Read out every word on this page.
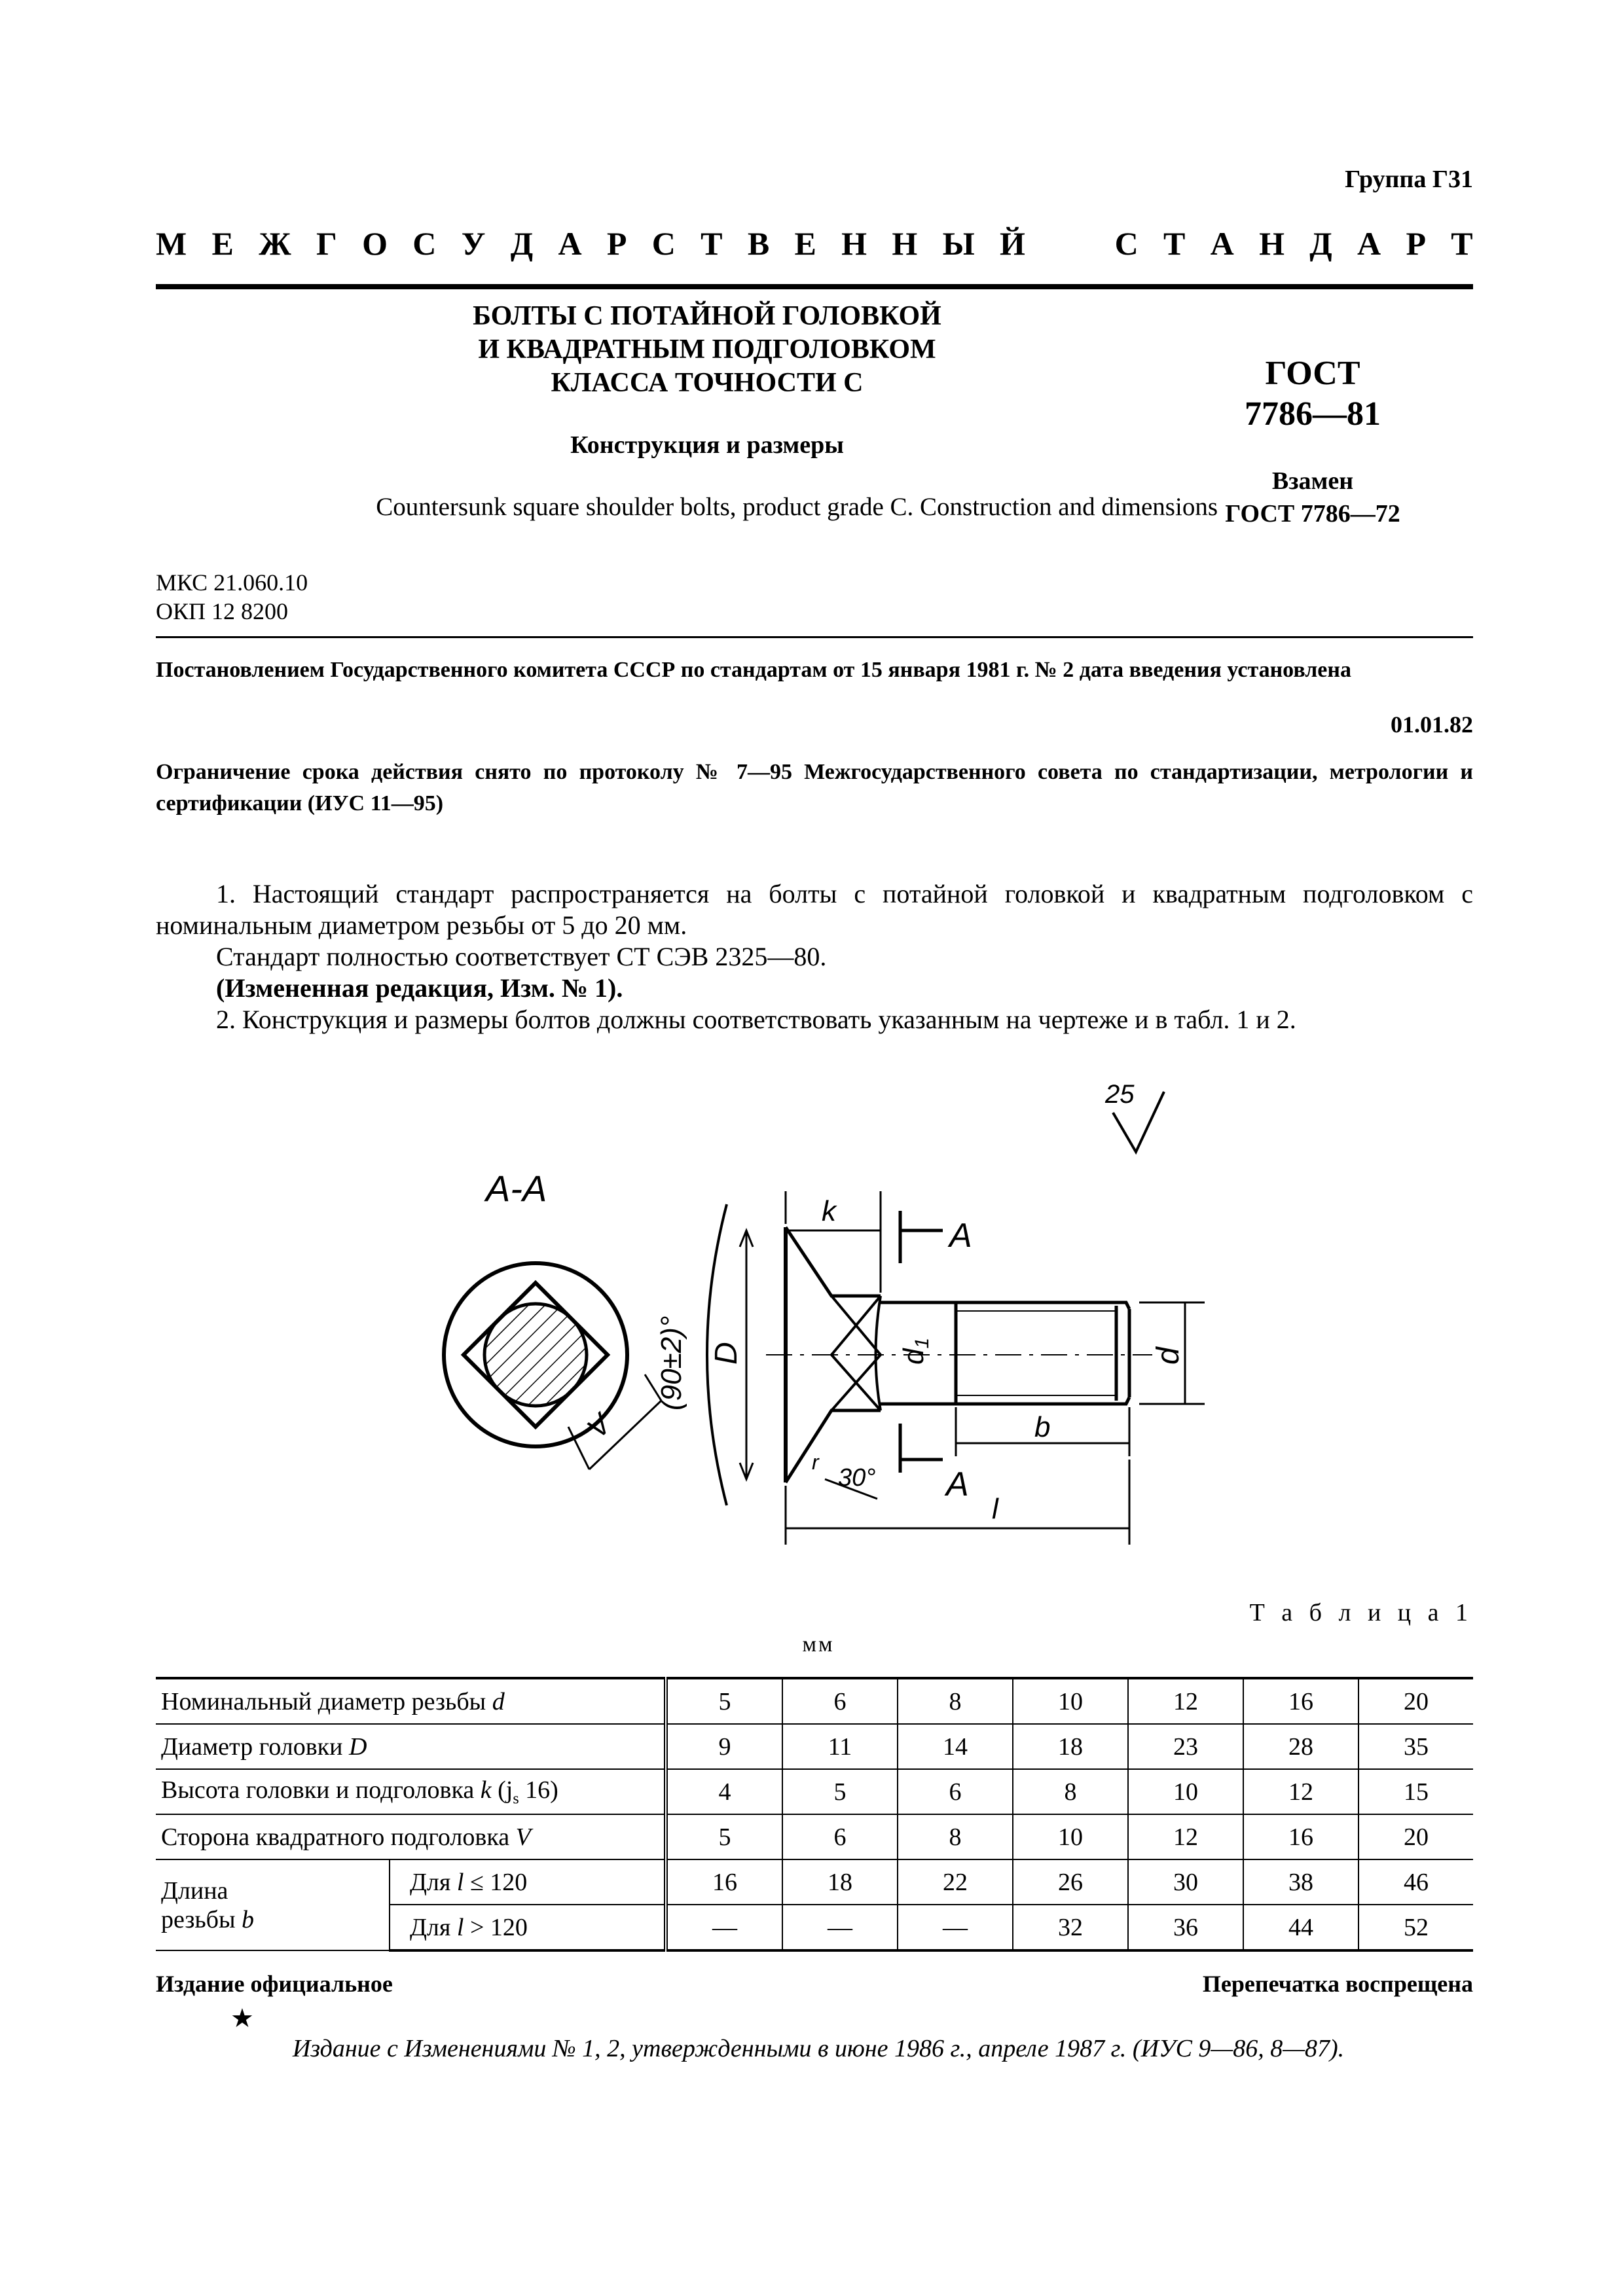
Группа Г31
М Е Ж Г О С У Д А Р С Т В Е Н Н Ы Й	С Т А Н Д А Р Т
БОЛТЫ С ПОТАЙНОЙ ГОЛОВКОЙ
И КВАДРАТНЫМ ПОДГОЛОВКОМ
КЛАССА ТОЧНОСТИ С
Конструкция и размеры
Countersunk square shoulder bolts, product grade C. Construction and dimensions
ГОСТ
7786—81
Взамен
ГОСТ 7786—72
МКС 21.060.10
ОКП 12 8200
Постановлением Государственного комитета СССР по стандартам от 15 января 1981 г. № 2 дата введения установлена
01.01.82
Ограничение срока действия снято по протоколу № 7—95 Межгосударственного совета по стандартизации, метрологии и сертификации (ИУС 11—95)
1. Настоящий стандарт распространяется на болты с потайной головкой и квадратным подголовком с номинальным диаметром резьбы от 5 до 20 мм.
Стандарт полностью соответствует СТ СЭВ 2325—80.
(Измененная редакция, Изм. № 1).
2. Конструкция и размеры болтов должны соответствовать указанным на чертеже и в табл. 1 и 2.
25
А-А
V
D
(90±2)°
k
А
А
d1
d
b
l
30°
r
Т а б л и ц а 1
мм
Номинальный диаметр резьбы d		5	6	8	10	12	16	20
Диаметр головки D		9	11	14	18	23	28	35
Высота головки и подголовка k ($j_s$ 16)		4	5	6	8	10	12	15
Сторона квадратного подголовка V		5	6	8	10	12	16	20

Длина
резьбы b	Для l ≤ 120	16	18	22	26	30	38	46
	Для l > 120	—	—	—	32	36	44	52
Издание официальное	Перепечатка воспрещена
★
Издание с Изменениями № 1, 2, утвержденными в июне 1986 г., апреле 1987 г. (ИУС 9—86, 8—87).
